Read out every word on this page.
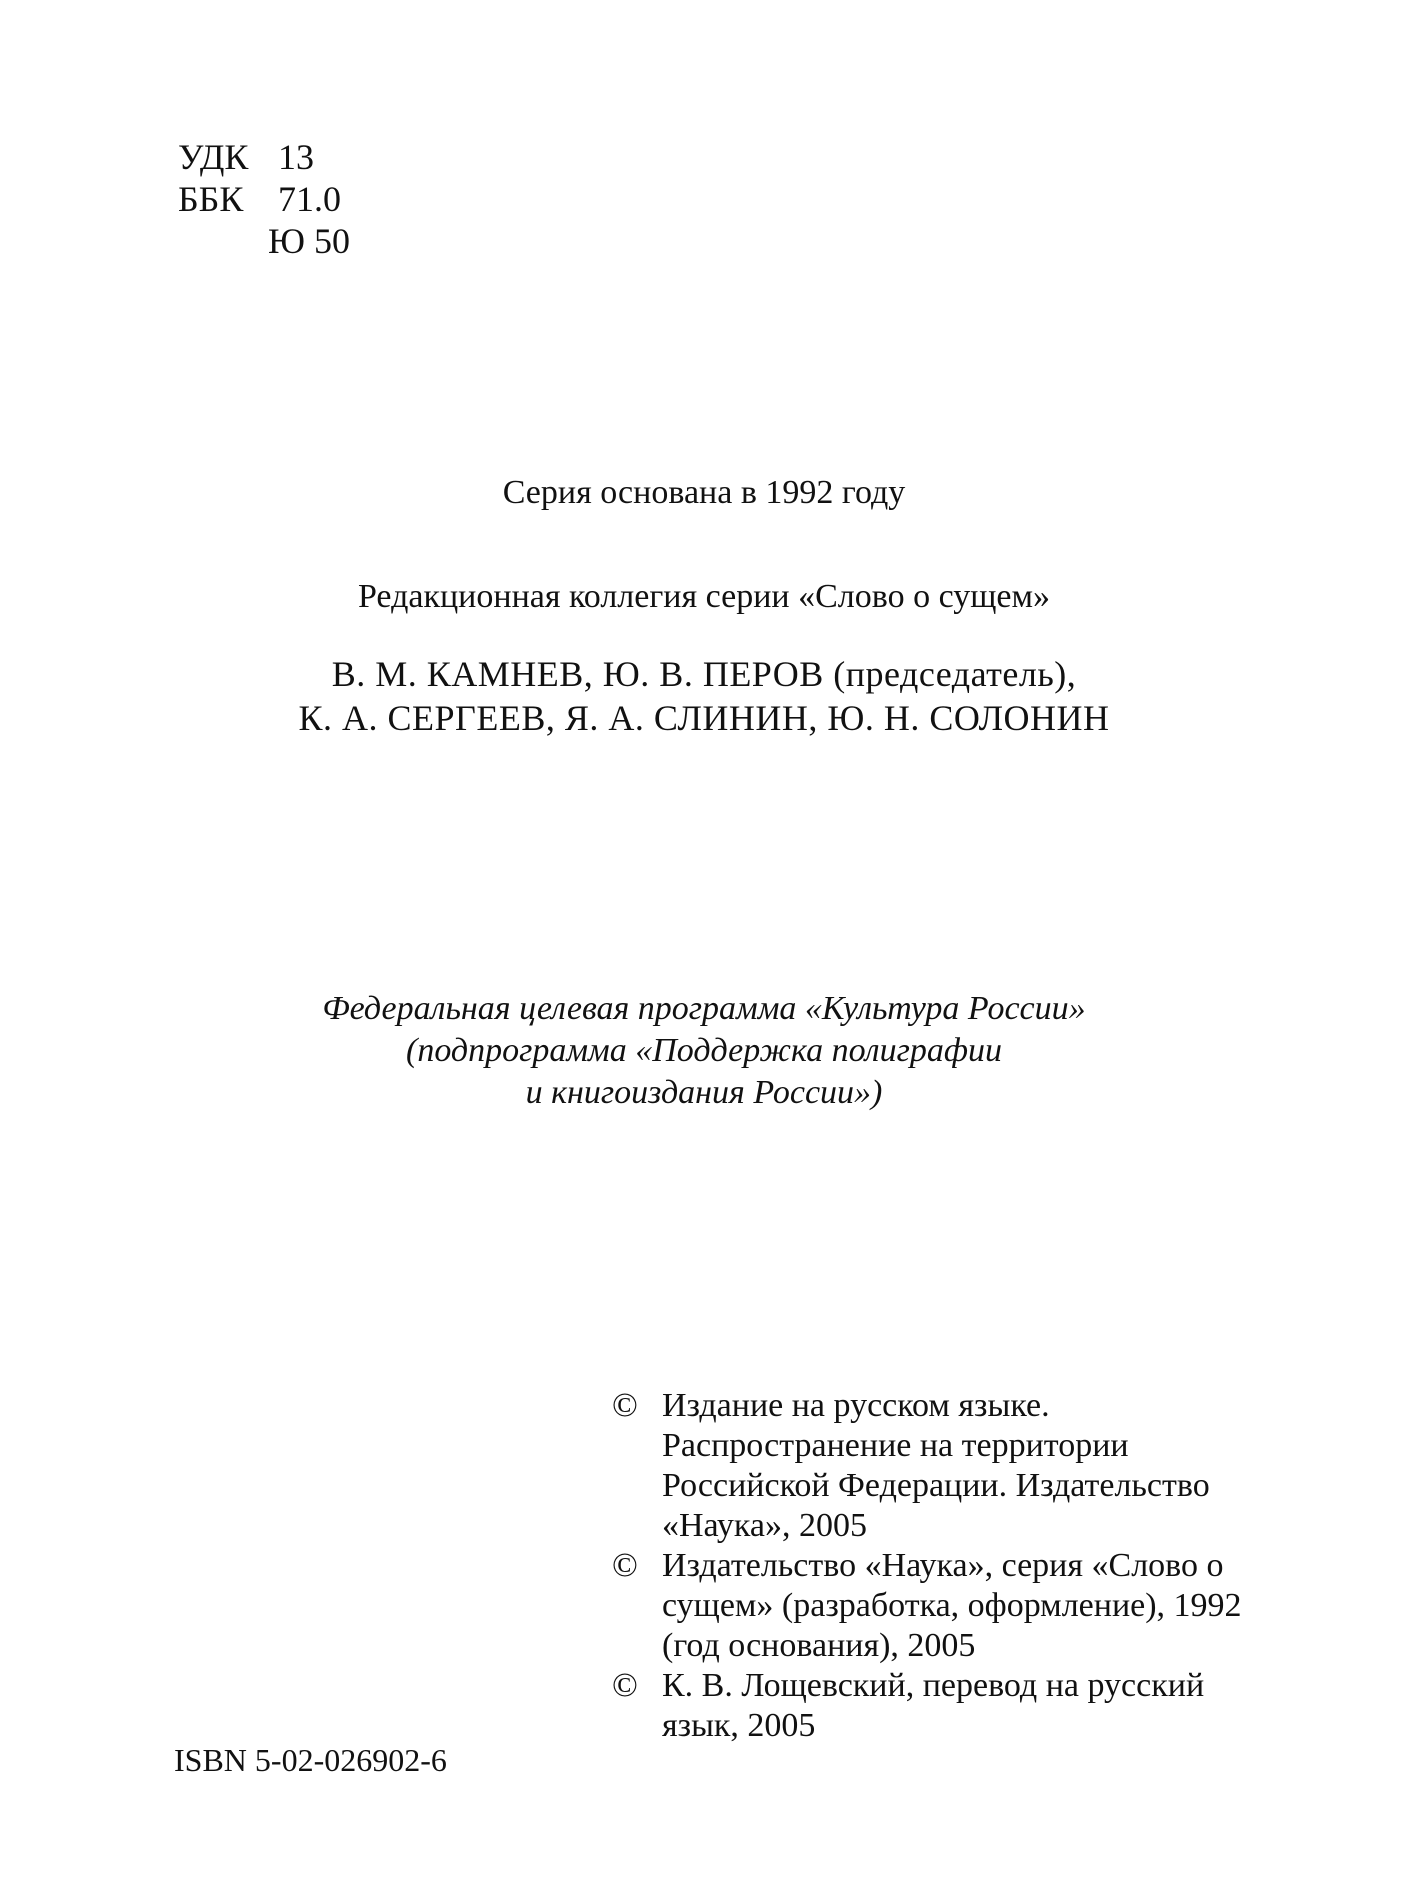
УДК 13
ББК 71.0
Ю 50
Серия основана в 1992 году
Редакционная коллегия серии «Слово о сущем»
В. М. КАМНЕВ, Ю. В. ПЕРОВ (председатель),
К. А. СЕРГЕЕВ, Я. А. СЛИНИН, Ю. Н. СОЛОНИН
Федеральная целевая программа «Культура России»
(подпрограмма «Поддержка полиграфии
и книгоиздания России»)
© Издание на русском языке. Распространение на территории Российской Федерации. Издательство «Наука», 2005
© Издательство «Наука», серия «Слово о сущем» (разработка, оформление), 1992 (год основания), 2005
© К. В. Лощевский, перевод на русский язык, 2005
ISBN 5-02-026902-6
